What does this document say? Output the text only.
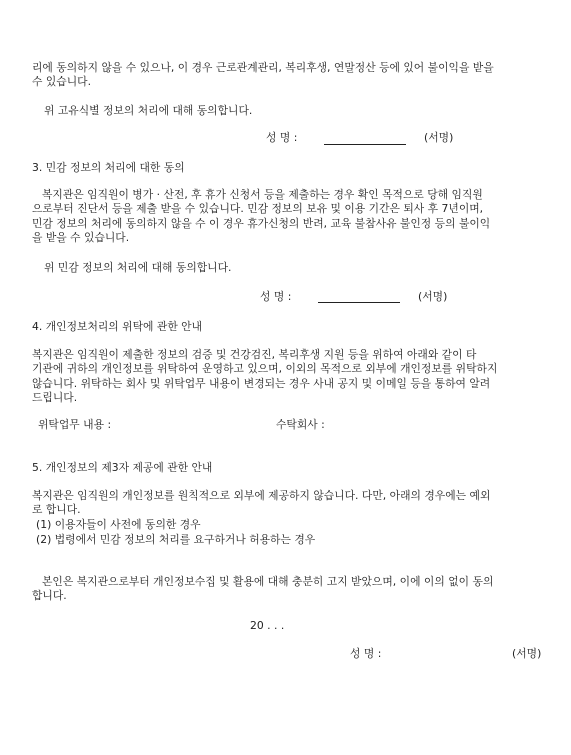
리에 동의하지 않을 수 있으나, 이 경우 근로관계관리, 복리후생, 연말정산 등에 있어 불이익을 받을
수 있습니다.
위 고유식별 정보의 처리에 대해 동의합니다.
성 명 :	(서명)
3. 민감 정보의 처리에 대한 동의
복지관은 임직원이 병가 · 산전, 후 휴가 신청서 등을 제출하는 경우 확인 목적으로 당해 임직원
으로부터 진단서 등을 제출 받을 수 있습니다. 민감 정보의 보유 및 이용 기간은 퇴사 후 7년이며,
민감 정보의 처리에 동의하지 않을 수 이 경우 휴가신청의 반려, 교육 불참사유 불인정 등의 불이익
을 받을 수 있습니다.
위 민감 정보의 처리에 대해 동의합니다.
성 명 :	(서명)
4. 개인정보처리의 위탁에 관한 안내
복지관은 임직원이 제출한 정보의 검증 및 건강검진, 복리후생 지원 등을 위하여 아래와 같이 타
기관에 귀하의 개인정보를 위탁하여 운영하고 있으며, 이외의 목적으로 외부에 개인정보를 위탁하지
않습니다. 위탁하는 회사 및 위탁업무 내용이 변경되는 경우 사내 공지 및 이메일 등을 통하여 알려
드립니다.
위탁업무 내용 :	수탁회사 :
5. 개인정보의 제3자 제공에 관한 안내
복지관은 임직원의 개인정보를 원칙적으로 외부에 제공하지 않습니다. 다만, 아래의 경우에는 예외
로 합니다.
(1) 이용자들이 사전에 동의한 경우
(2) 법령에서 민감 정보의 처리를 요구하거나 허용하는 경우
본인은 복지관으로부터 개인정보수집 및 활용에 대해 충분히 고지 받았으며, 이에 이의 없이 동의
합니다.
20 . . .
성 명 :	(서명)
